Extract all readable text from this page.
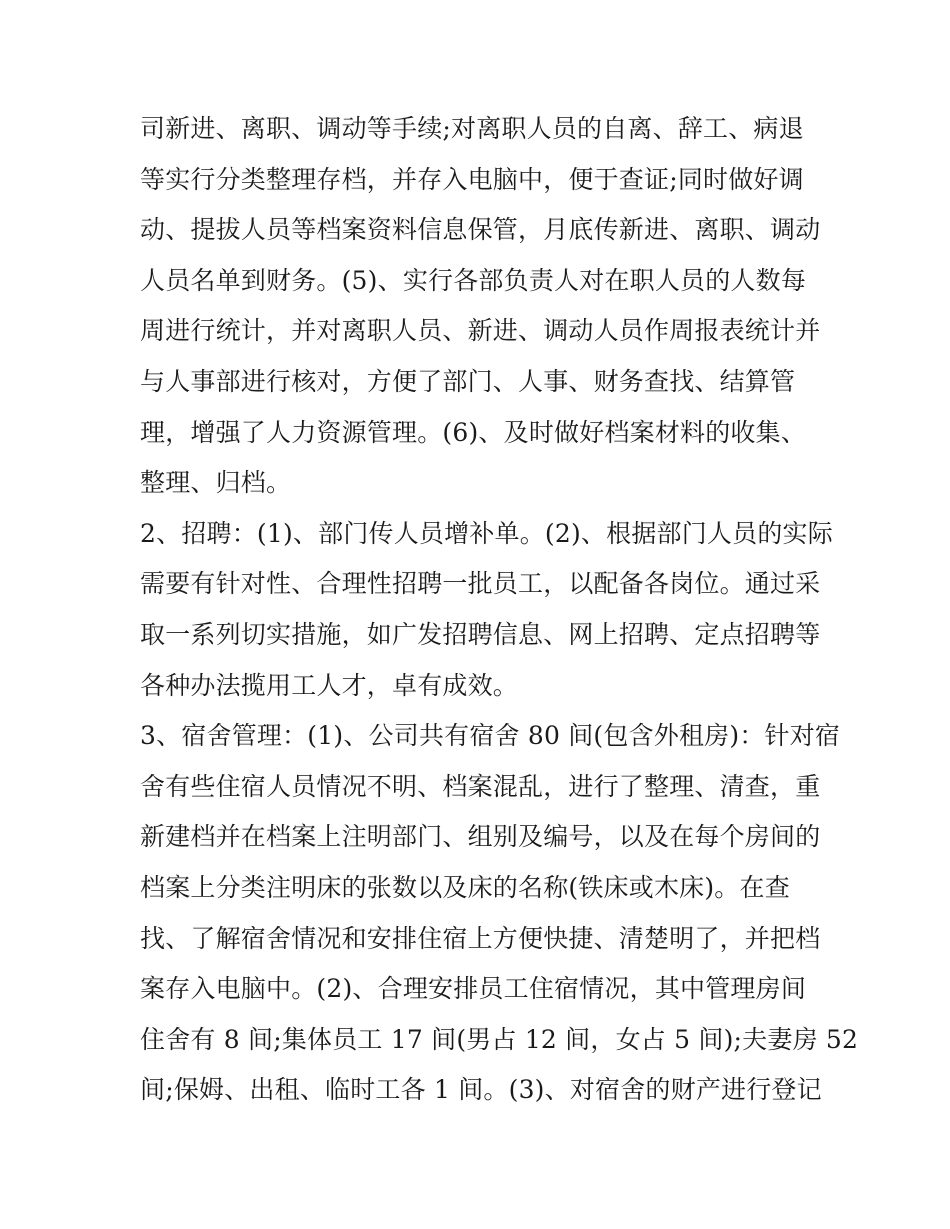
司新进、离职、调动等手续;对离职人员的自离、辞工、病退
等实行分类整理存档，并存入电脑中，便于查证;同时做好调
动、提拔人员等档案资料信息保管，月底传新进、离职、调动
人员名单到财务。(5)、实行各部负责人对在职人员的人数每
周进行统计，并对离职人员、新进、调动人员作周报表统计并
与人事部进行核对，方便了部门、人事、财务查找、结算管
理，增强了人力资源管理。(6)、及时做好档案材料的收集、
整理、归档。
2、招聘：(1)、部门传人员增补单。(2)、根据部门人员的实际
需要有针对性、合理性招聘一批员工，以配备各岗位。通过采
取一系列切实措施，如广发招聘信息、网上招聘、定点招聘等
各种办法揽用工人才，卓有成效。
3、宿舍管理：(1)、公司共有宿舍 80 间(包含外租房)：针对宿
舍有些住宿人员情况不明、档案混乱，进行了整理、清查，重
新建档并在档案上注明部门、组别及编号，以及在每个房间的
档案上分类注明床的张数以及床的名称(铁床或木床)。在查
找、了解宿舍情况和安排住宿上方便快捷、清楚明了，并把档
案存入电脑中。(2)、合理安排员工住宿情况，其中管理房间
住舍有 8 间;集体员工 17 间(男占 12 间，女占 5 间);夫妻房 52
间;保姆、出租、临时工各 1 间。(3)、对宿舍的财产进行登记
